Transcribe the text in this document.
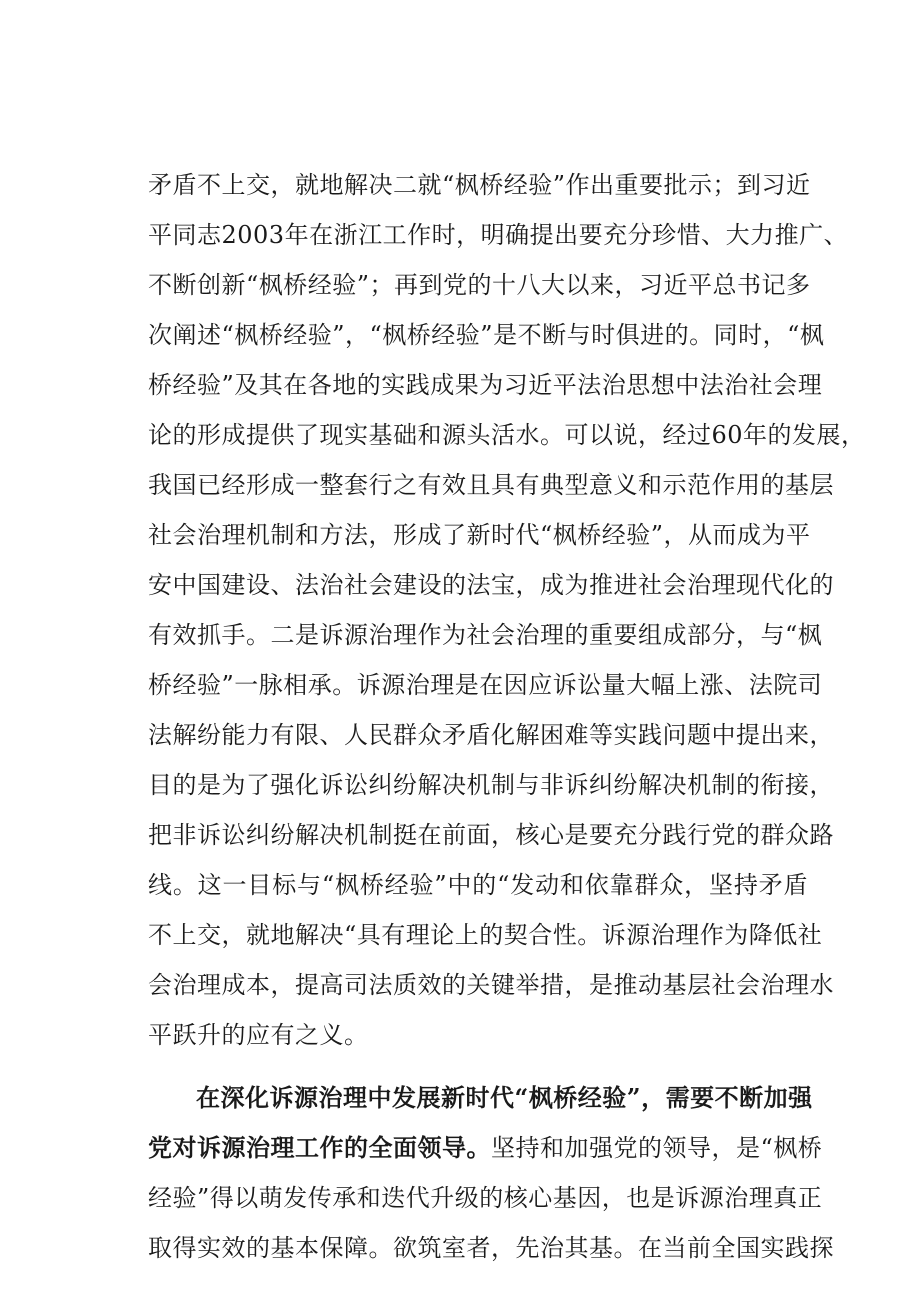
矛盾不上交，就地解决二就“枫桥经验”作出重要批示；到习近
平同志2003年在浙江工作时，明确提出要充分珍惜、大力推广、
不断创新“枫桥经验”；再到党的十八大以来，习近平总书记多
次阐述“枫桥经验”，“枫桥经验”是不断与时俱进的。同时，“枫
桥经验”及其在各地的实践成果为习近平法治思想中法治社会理
论的形成提供了现实基础和源头活水。可以说，经过60年的发展，
我国已经形成一整套行之有效且具有典型意义和示范作用的基层
社会治理机制和方法，形成了新时代“枫桥经验”，从而成为平
安中国建设、法治社会建设的法宝，成为推进社会治理现代化的
有效抓手。二是诉源治理作为社会治理的重要组成部分，与“枫
桥经验”一脉相承。诉源治理是在因应诉讼量大幅上涨、法院司
法解纷能力有限、人民群众矛盾化解困难等实践问题中提出来，
目的是为了强化诉讼纠纷解决机制与非诉纠纷解决机制的衔接，
把非诉讼纠纷解决机制挺在前面，核心是要充分践行党的群众路
线。这一目标与“枫桥经验”中的“发动和依靠群众，坚持矛盾
不上交，就地解决“具有理论上的契合性。诉源治理作为降低社
会治理成本，提高司法质效的关键举措，是推动基层社会治理水
平跃升的应有之义。
在深化诉源治理中发展新时代“枫桥经验”，需要不断加强
党对诉源治理工作的全面领导。坚持和加强党的领导，是“枫桥
经验”得以萌发传承和迭代升级的核心基因，也是诉源治理真正
取得实效的基本保障。欲筑室者，先治其基。在当前全国实践探
